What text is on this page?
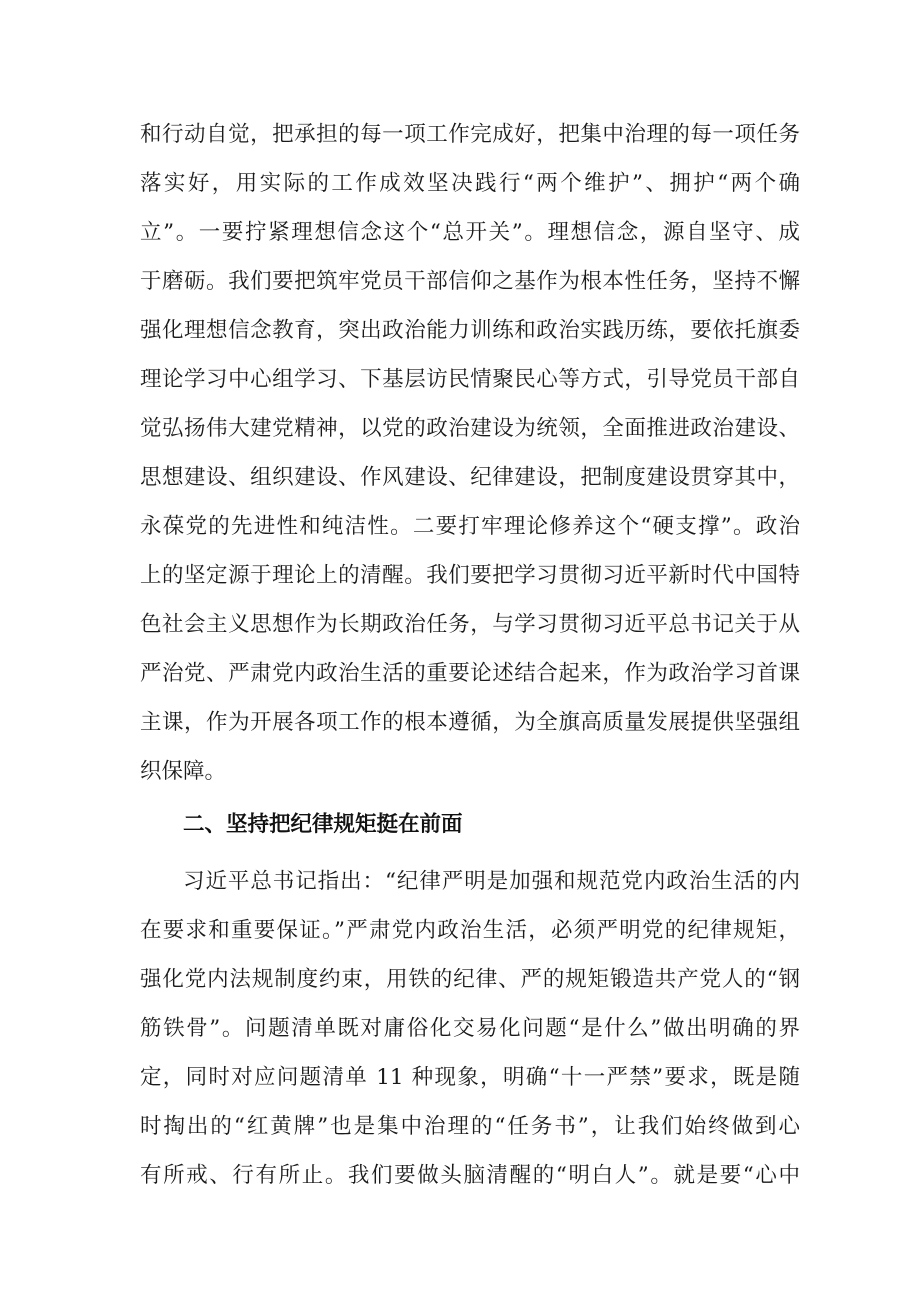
和行动自觉，把承担的每一项工作完成好，把集中治理的每一项任务
落实好，用实际的工作成效坚决践行“两个维护”、拥护“两个确
立”。一要拧紧理想信念这个“总开关”。理想信念，源自坚守、成
于磨砺。我们要把筑牢党员干部信仰之基作为根本性任务，坚持不懈
强化理想信念教育，突出政治能力训练和政治实践历练，要依托旗委
理论学习中心组学习、下基层访民情聚民心等方式，引导党员干部自
觉弘扬伟大建党精神，以党的政治建设为统领，全面推进政治建设、
思想建设、组织建设、作风建设、纪律建设，把制度建设贯穿其中，
永葆党的先进性和纯洁性。二要打牢理论修养这个“硬支撑”。政治
上的坚定源于理论上的清醒。我们要把学习贯彻习近平新时代中国特
色社会主义思想作为长期政治任务，与学习贯彻习近平总书记关于从
严治党、严肃党内政治生活的重要论述结合起来，作为政治学习首课
主课，作为开展各项工作的根本遵循，为全旗高质量发展提供坚强组
织保障。
二、坚持把纪律规矩挺在前面
习近平总书记指出：“纪律严明是加强和规范党内政治生活的内
在要求和重要保证。”严肃党内政治生活，必须严明党的纪律规矩，
强化党内法规制度约束，用铁的纪律、严的规矩锻造共产党人的“钢
筋铁骨”。问题清单既对庸俗化交易化问题“是什么”做出明确的界
定，同时对应问题清单 11 种现象，明确“十一严禁”要求，既是随
时掏出的“红黄牌”也是集中治理的“任务书”，让我们始终做到心
有所戒、行有所止。我们要做头脑清醒的“明白人”。就是要“心中
